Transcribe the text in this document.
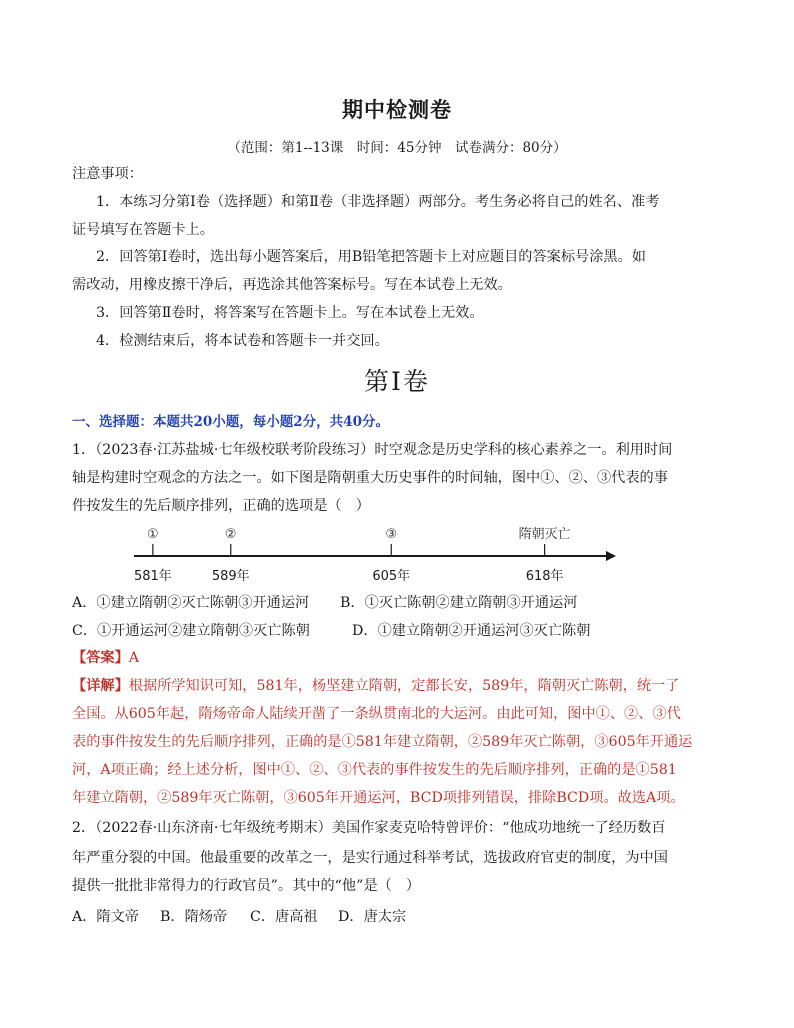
期中检测卷
（范围：第1--13课　时间：45分钟　试卷满分：80分）
注意事项：
1．本练习分第Ⅰ卷（选择题）和第Ⅱ卷（非选择题）两部分。考生务必将自己的姓名、准考
证号填写在答题卡上。
2．回答第Ⅰ卷时，选出每小题答案后，用B铅笔把答题卡上对应题目的答案标号涂黑。如
需改动，用橡皮擦干净后，再选涂其他答案标号。写在本试卷上无效。
3．回答第Ⅱ卷时，将答案写在答题卡上。写在本试卷上无效。
4．检测结束后，将本试卷和答题卡一并交回。
第Ⅰ卷
一、选择题：本题共20小题，每小题2分，共40分。
1．（2023春·江苏盐城·七年级校联考阶段练习）时空观念是历史学科的核心素养之一。利用时间
轴是构建时空观念的方法之一。如下图是隋朝重大历史事件的时间轴，图中①、②、③代表的事
件按发生的先后顺序排列，正确的选项是（　）
①
581年
②
589年
③
605年
隋朝灭亡
618年
A．①建立隋朝②灭亡陈朝③开通运河 B．①灭亡陈朝②建立隋朝③开通运河
C．①开通运河②建立隋朝③灭亡陈朝	D．①建立隋朝②开通运河③灭亡陈朝
【答案】A
【详解】根据所学知识可知，581年，杨坚建立隋朝，定都长安，589年，隋朝灭亡陈朝，统一了
全国。从605年起，隋炀帝命人陆续开凿了一条纵贯南北的大运河。由此可知，图中①、②、③代
表的事件按发生的先后顺序排列，正确的是①581年建立隋朝，②589年灭亡陈朝，③605年开通运
河，A项正确；经上述分析，图中①、②、③代表的事件按发生的先后顺序排列，正确的是①581
年建立隋朝，②589年灭亡陈朝，③605年开通运河，BCD项排列错误，排除BCD项。故选A项。
2．（2022春·山东济南·七年级统考期末）美国作家麦克哈特曾评价：“他成功地统一了经历数百
年严重分裂的中国。他最重要的改革之一，是实行通过科举考试，选拔政府官吏的制度，为中国
提供一批批非常得力的行政官员”。其中的“他”是（　）
A．隋文帝 B．隋炀帝 C．唐高祖 D．唐太宗
